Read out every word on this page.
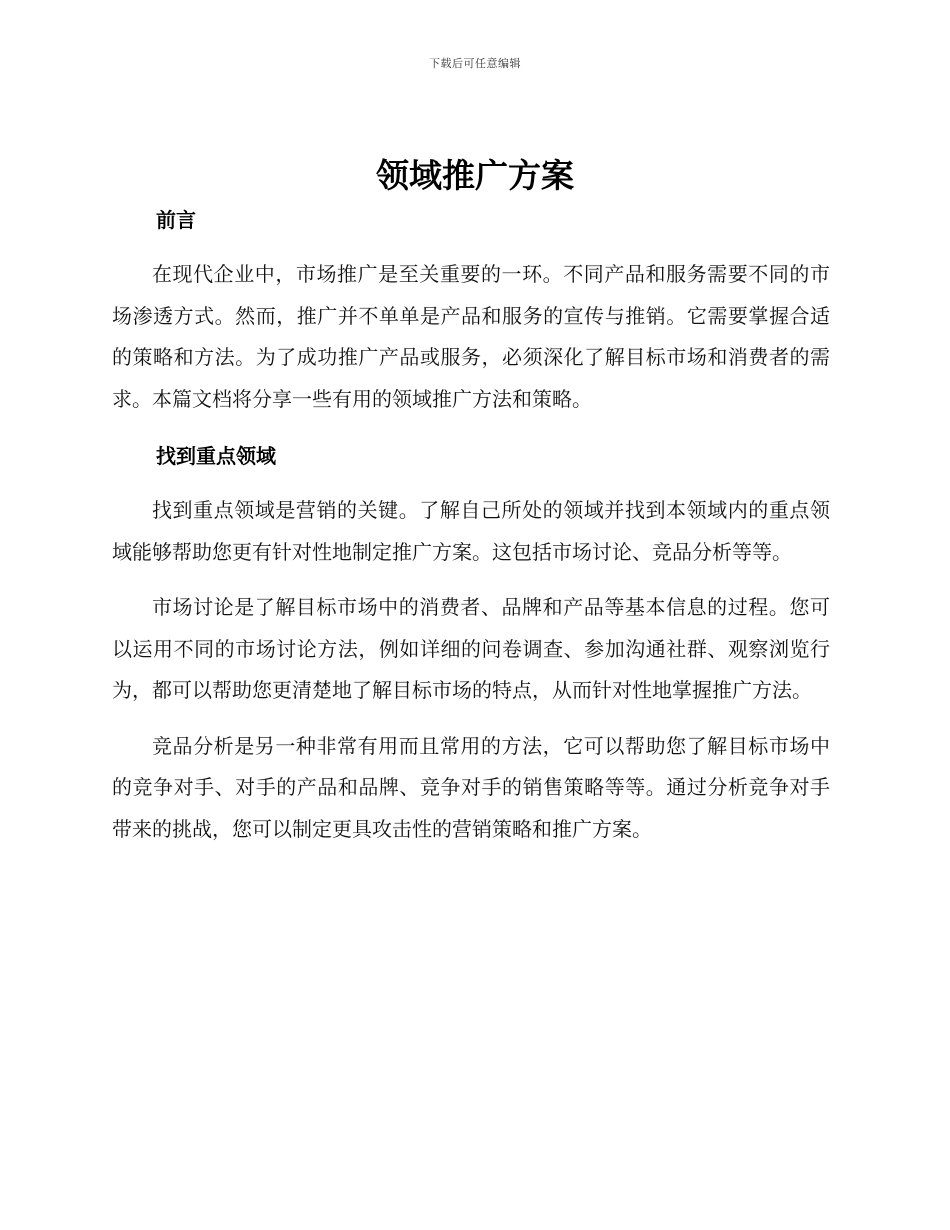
下载后可任意编辑
领域推广方案
前言

在现代企业中，市场推广是至关重要的一环。不同产品和服务需要不同的市场渗透方式。然而，推广并不单单是产品和服务的宣传与推销。它需要掌握合适的策略和方法。为了成功推广产品或服务，必须深化了解目标市场和消费者的需求。本篇文档将分享一些有用的领域推广方法和策略。

找到重点领域

找到重点领域是营销的关键。了解自己所处的领域并找到本领域内的重点领域能够帮助您更有针对性地制定推广方案。这包括市场讨论、竞品分析等等。

市场讨论是了解目标市场中的消费者、品牌和产品等基本信息的过程。您可以运用不同的市场讨论方法，例如详细的问卷调查、参加沟通社群、观察浏览行为，都可以帮助您更清楚地了解目标市场的特点，从而针对性地掌握推广方法。

竞品分析是另一种非常有用而且常用的方法，它可以帮助您了解目标市场中的竞争对手、对手的产品和品牌、竞争对手的销售策略等等。通过分析竞争对手带来的挑战，您可以制定更具攻击性的营销策略和推广方案。
